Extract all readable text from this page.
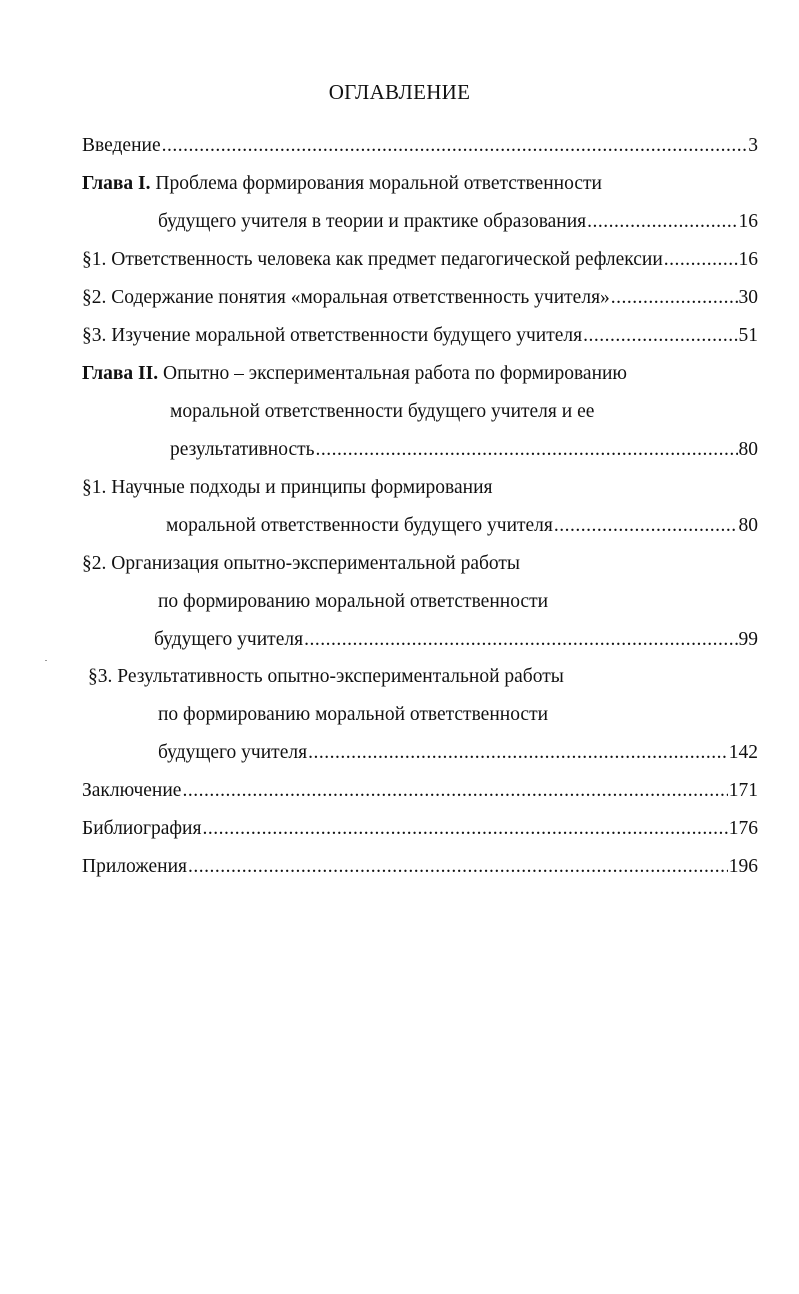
ОГЛАВЛЕНИЕ
Введение .....	3
Глава I.
Проблема формирования моральной ответственности
будущего учителя в теории и практике образования .....	16
§1. Ответственность человека как предмет педагогической рефлексии .....	16
§2. Содержание понятия «моральная ответственность учителя» .....	30
§3. Изучение моральной ответственности будущего учителя .....	51
Глава II.
Опытно – экспериментальная работа по формированию
моральной ответственности будущего учителя и ее
результативность .....	80
§1. Научные подходы и принципы формирования
моральной ответственности будущего учителя .....	80
§2. Организация опытно-экспериментальной работы
по формированию моральной ответственности
будущего учителя .....	99
§3. Результативность опытно-экспериментальной работы
по формированию моральной ответственности
будущего учителя .....	142
Заключение .....	171
Библиография .....	176
Приложения .....	196
